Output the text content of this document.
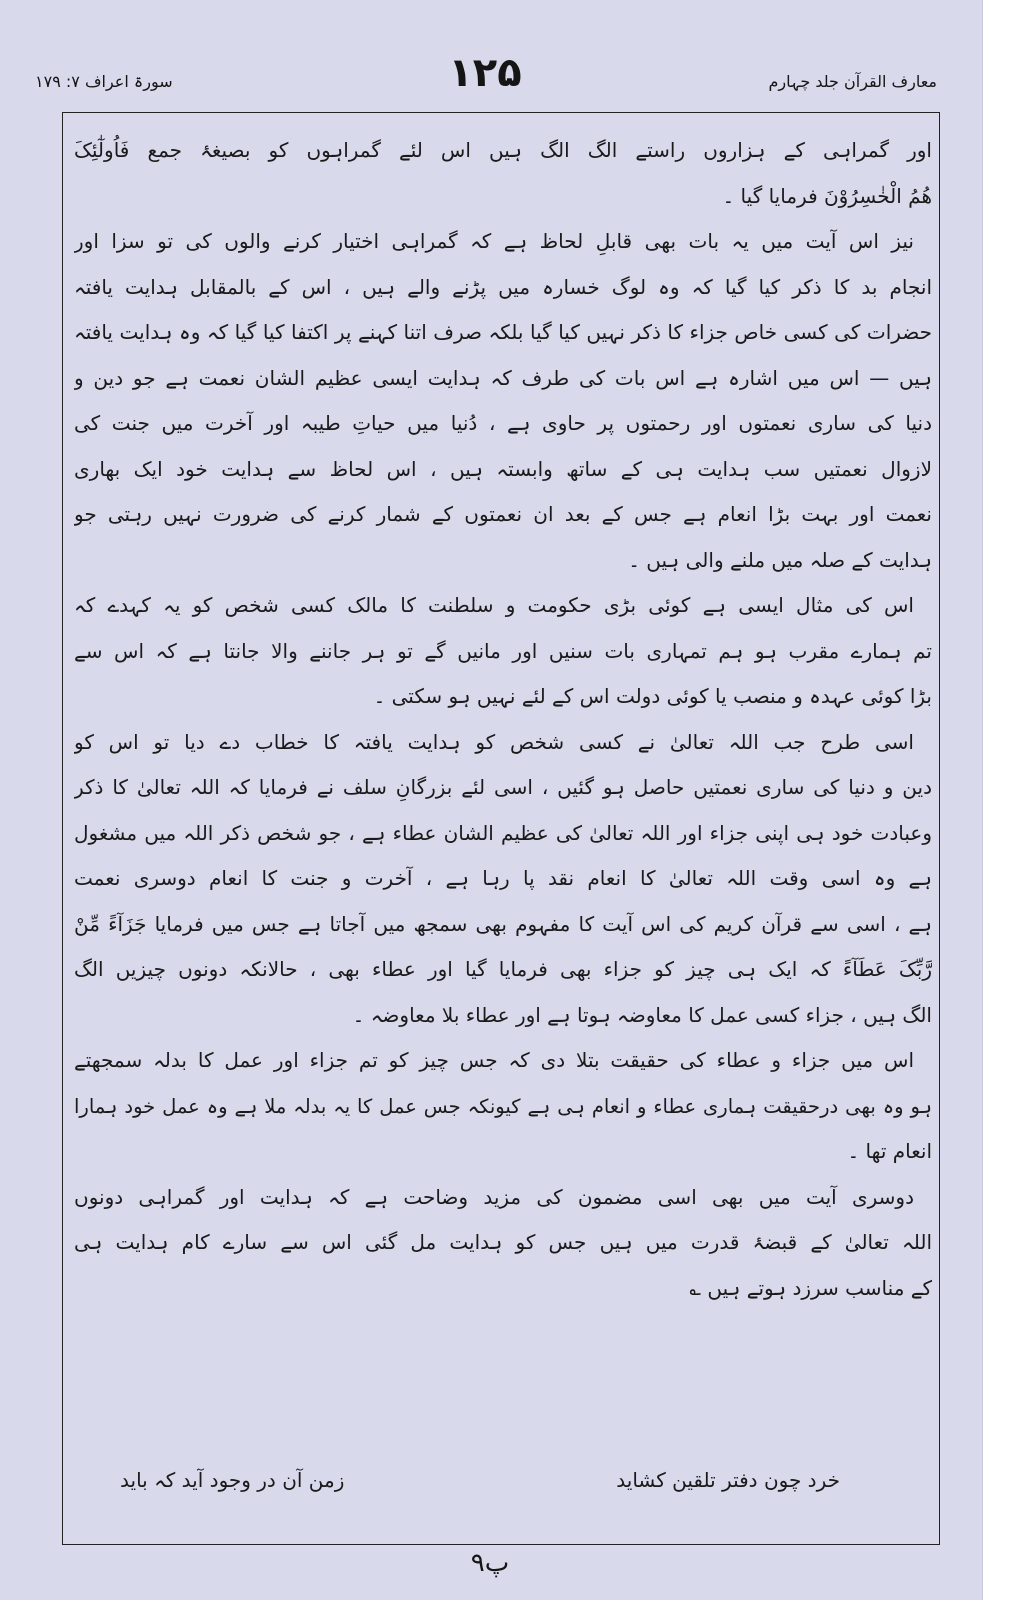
سورۃ اعراف ۷: ۱۷۹	۱۲۵	معارف القرآن جلد چہارم
اور گمراہی کے ہزاروں راستے الگ الگ ہیں اس لئے گمراہوں کو بصیغۂ جمع فَاُولٰٓئِکَ
ھُمُ الْخٰسِرُوْنَ فرمایا گیا ۔
نیز اس آیت میں یہ بات بھی قابلِ لحاظ ہے کہ گمراہی اختیار کرنے والوں کی تو سزا اور
انجام بد کا ذکر کیا گیا کہ وہ لوگ خسارہ میں پڑنے والے ہیں ، اس کے بالمقابل ہدایت یافتہ
حضرات کی کسی خاص جزاء کا ذکر نہیں کیا گیا بلکہ صرف اتنا کہنے پر اکتفا کیا گیا کہ وہ ہدایت یافتہ
ہیں — اس میں اشارہ ہے اس بات کی طرف کہ ہدایت ایسی عظیم الشان نعمت ہے جو دین و
دنیا کی ساری نعمتوں اور رحمتوں پر حاوی ہے ، دُنیا میں حیاتِ طیبہ اور آخرت میں جنت کی
لازوال نعمتیں سب ہدایت ہی کے ساتھ وابستہ ہیں ، اس لحاظ سے ہدایت خود ایک بھاری
نعمت اور بہت بڑا انعام ہے جس کے بعد ان نعمتوں کے شمار کرنے کی ضرورت نہیں رہتی جو
ہدایت کے صلہ میں ملنے والی ہیں ۔
اس کی مثال ایسی ہے کوئی بڑی حکومت و سلطنت کا مالک کسی شخص کو یہ کہدے کہ
تم ہمارے مقرب ہو ہم تمہاری بات سنیں اور مانیں گے تو ہر جاننے والا جانتا ہے کہ اس سے
بڑا کوئی عہدہ و منصب یا کوئی دولت اس کے لئے نہیں ہو سکتی ۔
اسی طرح جب اللہ تعالیٰ نے کسی شخص کو ہدایت یافتہ کا خطاب دے دیا تو اس کو
دین و دنیا کی ساری نعمتیں حاصل ہو گئیں ، اسی لئے بزرگانِ سلف نے فرمایا کہ اللہ تعالیٰ کا ذکر
وعبادت خود ہی اپنی جزاء اور اللہ تعالیٰ کی عظیم الشان عطاء ہے ، جو شخص ذکر اللہ میں مشغول
ہے وہ اسی وقت اللہ تعالیٰ کا انعام نقد پا رہا ہے ، آخرت و جنت کا انعام دوسری نعمت
ہے ، اسی سے قرآن کریم کی اس آیت کا مفہوم بھی سمجھ میں آجاتا ہے جس میں فرمایا جَزَآءً مِّنْ
رَّبِّکَ عَطَآءً کہ ایک ہی چیز کو جزاء بھی فرمایا گیا اور عطاء بھی ، حالانکہ دونوں چیزیں الگ
الگ ہیں ، جزاء کسی عمل کا معاوضہ ہوتا ہے اور عطاء بلا معاوضہ ۔
اس میں جزاء و عطاء کی حقیقت بتلا دی کہ جس چیز کو تم جزاء اور عمل کا بدلہ سمجھتے
ہو وہ بھی درحقیقت ہماری عطاء و انعام ہی ہے کیونکہ جس عمل کا یہ بدلہ ملا ہے وہ عمل خود ہمارا
انعام تھا ۔
دوسری آیت میں بھی اسی مضمون کی مزید وضاحت ہے کہ ہدایت اور گمراہی دونوں
اللہ تعالیٰ کے قبضۂ قدرت میں ہیں جس کو ہدایت مل گئی اس سے سارے کام ہدایت ہی
کے مناسب سرزد ہوتے ہیں ؎
خرد چون دفتر تلقین کشاید
زمن آن در وجود آید کہ باید
۹پ
